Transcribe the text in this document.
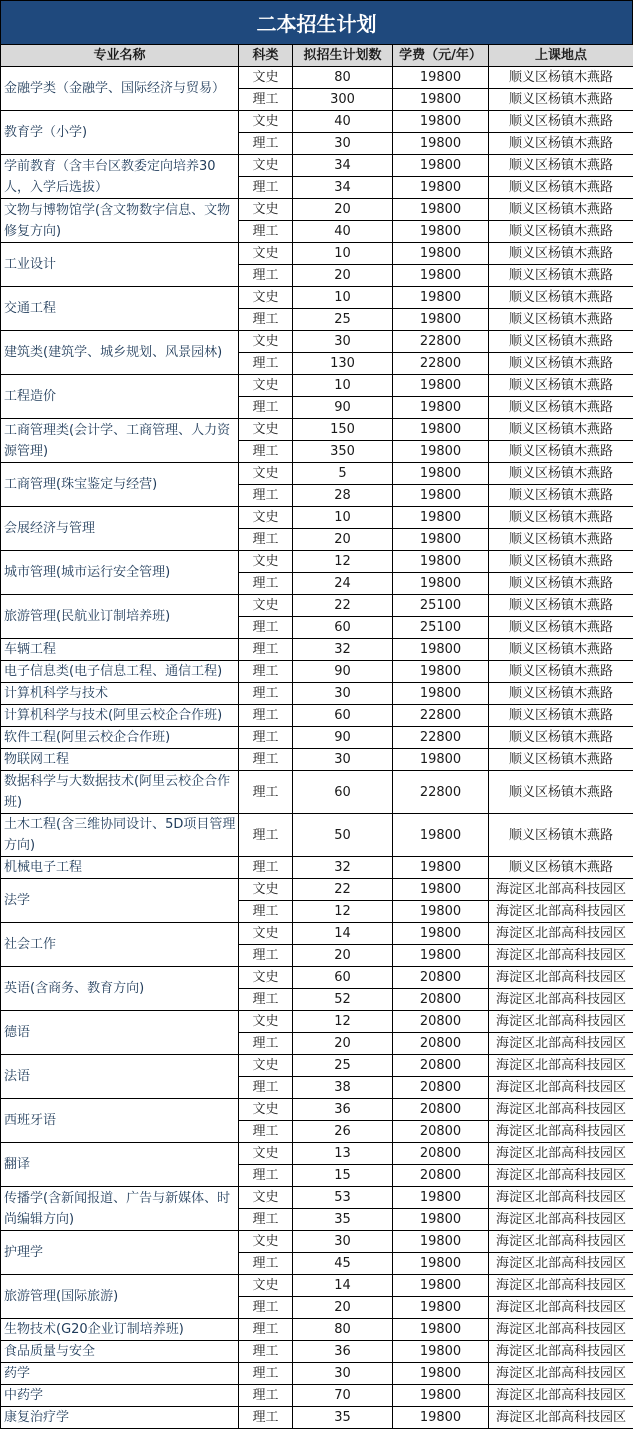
二本招生计划
专业名称	科类	拟招生计划数	学费（元/年）	上课地点
金融学类（金融学、国际经济与贸易）	文史	80	19800	顺义区杨镇木燕路
	理工	300	19800	顺义区杨镇木燕路
教育学（小学)	文史	40	19800	顺义区杨镇木燕路
	理工	30	19800	顺义区杨镇木燕路
学前教育（含丰台区教委定向培养30人，入学后选拔）	文史	34	19800	顺义区杨镇木燕路
	理工	34	19800	顺义区杨镇木燕路
文物与博物馆学(含文物数字信息、文物修复方向)	文史	20	19800	顺义区杨镇木燕路
	理工	40	19800	顺义区杨镇木燕路
工业设计	文史	10	19800	顺义区杨镇木燕路
	理工	20	19800	顺义区杨镇木燕路
交通工程	文史	10	19800	顺义区杨镇木燕路
	理工	25	19800	顺义区杨镇木燕路
建筑类(建筑学、城乡规划、风景园林)	文史	30	22800	顺义区杨镇木燕路
	理工	130	22800	顺义区杨镇木燕路
工程造价	文史	10	19800	顺义区杨镇木燕路
	理工	90	19800	顺义区杨镇木燕路
工商管理类(会计学、工商管理、人力资源管理)	文史	150	19800	顺义区杨镇木燕路
	理工	350	19800	顺义区杨镇木燕路
工商管理(珠宝鉴定与经营)	文史	5	19800	顺义区杨镇木燕路
	理工	28	19800	顺义区杨镇木燕路
会展经济与管理	文史	10	19800	顺义区杨镇木燕路
	理工	20	19800	顺义区杨镇木燕路
城市管理(城市运行安全管理)	文史	12	19800	顺义区杨镇木燕路
	理工	24	19800	顺义区杨镇木燕路
旅游管理(民航业订制培养班)	文史	22	25100	顺义区杨镇木燕路
	理工	60	25100	顺义区杨镇木燕路
车辆工程	理工	32	19800	顺义区杨镇木燕路
电子信息类(电子信息工程、通信工程)	理工	90	19800	顺义区杨镇木燕路
计算机科学与技术	理工	30	19800	顺义区杨镇木燕路
计算机科学与技术(阿里云校企合作班)	理工	60	22800	顺义区杨镇木燕路
软件工程(阿里云校企合作班)	理工	90	22800	顺义区杨镇木燕路
物联网工程	理工	30	19800	顺义区杨镇木燕路
数据科学与大数据技术(阿里云校企合作班)	理工	60	22800	顺义区杨镇木燕路
土木工程(含三维协同设计、5D项目管理方向)	理工	50	19800	顺义区杨镇木燕路
机械电子工程	理工	32	19800	顺义区杨镇木燕路
法学	文史	22	19800	海淀区北部高科技园区
	理工	12	19800	海淀区北部高科技园区
社会工作	文史	14	19800	海淀区北部高科技园区
	理工	20	19800	海淀区北部高科技园区
英语(含商务、教育方向)	文史	60	20800	海淀区北部高科技园区
	理工	52	20800	海淀区北部高科技园区
德语	文史	12	20800	海淀区北部高科技园区
	理工	20	20800	海淀区北部高科技园区
法语	文史	25	20800	海淀区北部高科技园区
	理工	38	20800	海淀区北部高科技园区
西班牙语	文史	36	20800	海淀区北部高科技园区
	理工	26	20800	海淀区北部高科技园区
翻译	文史	13	20800	海淀区北部高科技园区
	理工	15	20800	海淀区北部高科技园区
传播学(含新闻报道、广告与新媒体、时尚编辑方向)	文史	53	19800	海淀区北部高科技园区
	理工	35	19800	海淀区北部高科技园区
护理学	文史	30	19800	海淀区北部高科技园区
	理工	45	19800	海淀区北部高科技园区
旅游管理(国际旅游)	文史	14	19800	海淀区北部高科技园区
	理工	20	19800	海淀区北部高科技园区
生物技术(G20企业订制培养班)	理工	80	19800	海淀区北部高科技园区
食品质量与安全	理工	36	19800	海淀区北部高科技园区
药学	理工	30	19800	海淀区北部高科技园区
中药学	理工	70	19800	海淀区北部高科技园区
康复治疗学	理工	35	19800	海淀区北部高科技园区
